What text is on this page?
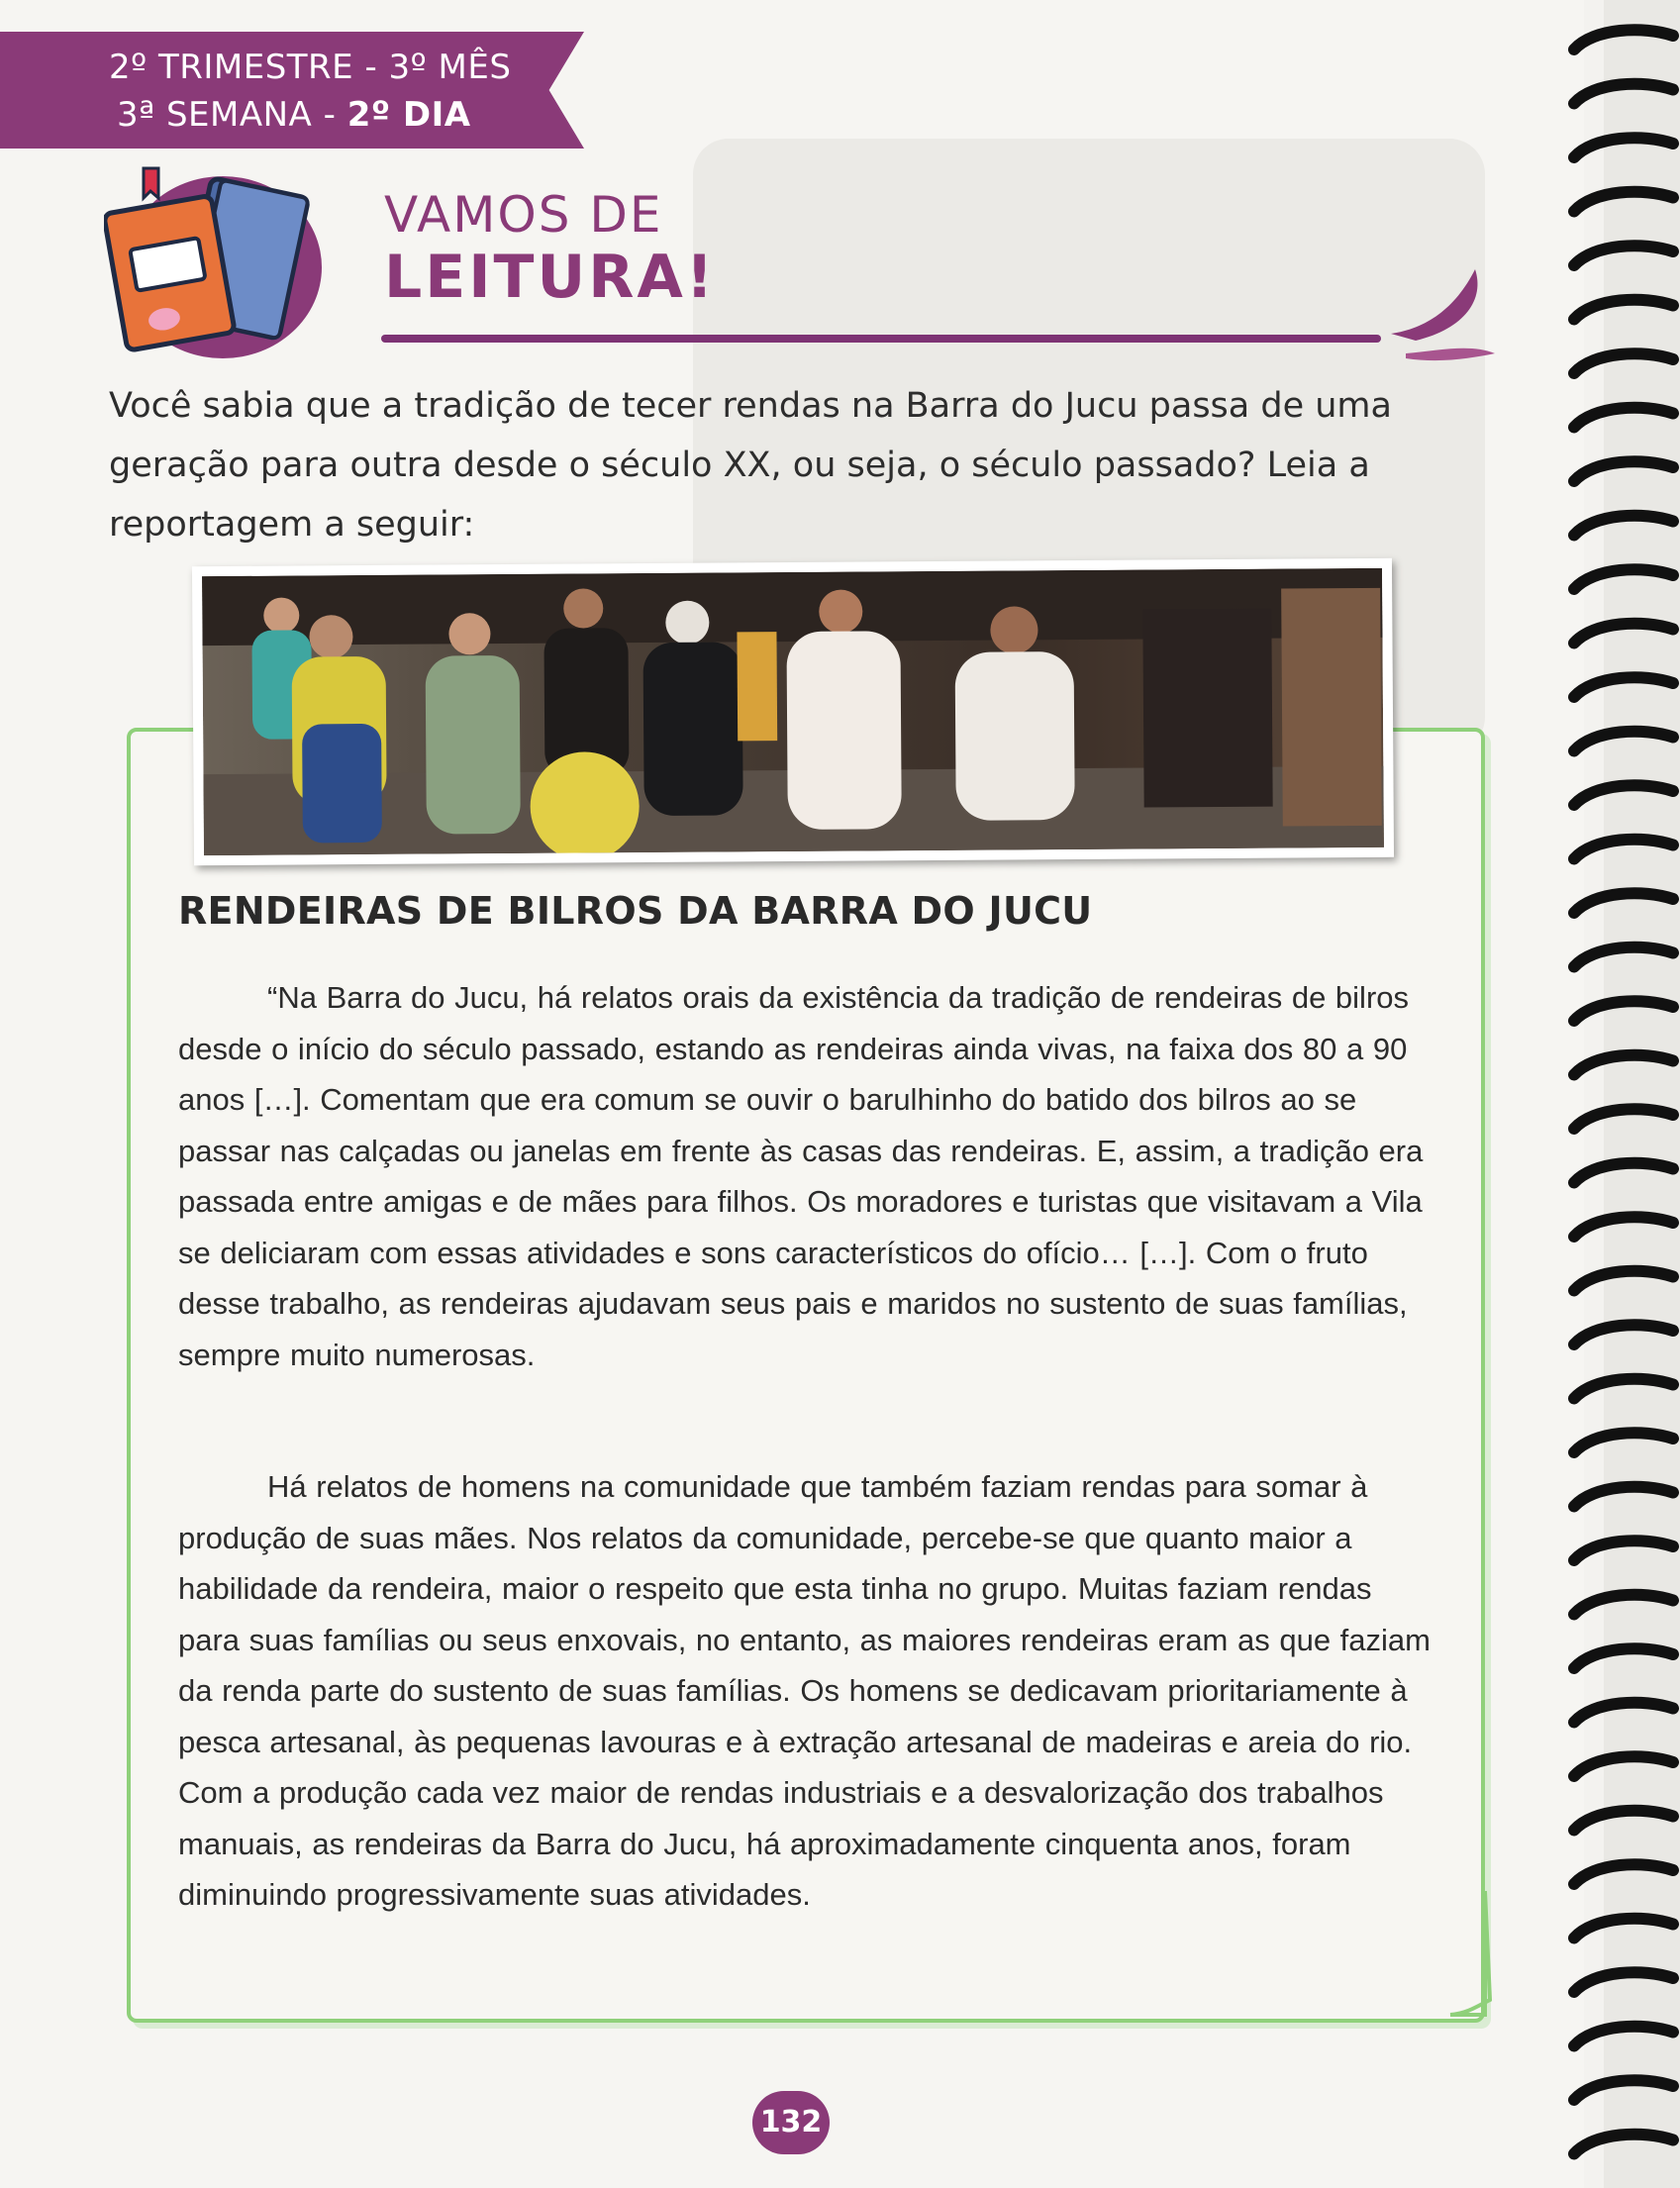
2º TRIMESTRE - 3º MÊS
3ª SEMANA - 2º DIA
VAMOS DE
LEITURA!

Você sabia que a tradição de tecer rendas na Barra do Jucu passa de uma geração para outra desde o século XX, ou seja, o século passado? Leia a reportagem a seguir:

RENDEIRAS DE BILROS DA BARRA DO JUCU

“Na Barra do Jucu, há relatos orais da existência da tradição de rendeiras de bilros desde o início do século passado, estando as rendeiras ainda vivas, na faixa dos 80 a 90 anos […]. Comentam que era comum se ouvir o barulhinho do batido dos bilros ao se passar nas calçadas ou janelas em frente às casas das rendeiras. E, assim, a tradição era passada entre amigas e de mães para filhos. Os moradores e turistas que visitavam a Vila se deliciaram com essas atividades e sons característicos do ofício… […]. Com o fruto desse trabalho, as rendeiras ajudavam seus pais e maridos no sustento de suas famílias, sempre muito numerosas.

Há relatos de homens na comunidade que também faziam rendas para somar à produção de suas mães. Nos relatos da comunidade, percebe-se que quanto maior a habilidade da rendeira, maior o respeito que esta tinha no grupo. Muitas faziam rendas para suas famílias ou seus enxovais, no entanto, as maiores rendeiras eram as que faziam da renda parte do sustento de suas famílias. Os homens se dedicavam prioritariamente à pesca artesanal, às pequenas lavouras e à extração artesanal de madeiras e areia do rio. Com a produção cada vez maior de rendas industriais e a desvalorização dos trabalhos manuais, as rendeiras da Barra do Jucu, há aproximadamente cinquenta anos, foram diminuindo progressivamente suas atividades.

132
